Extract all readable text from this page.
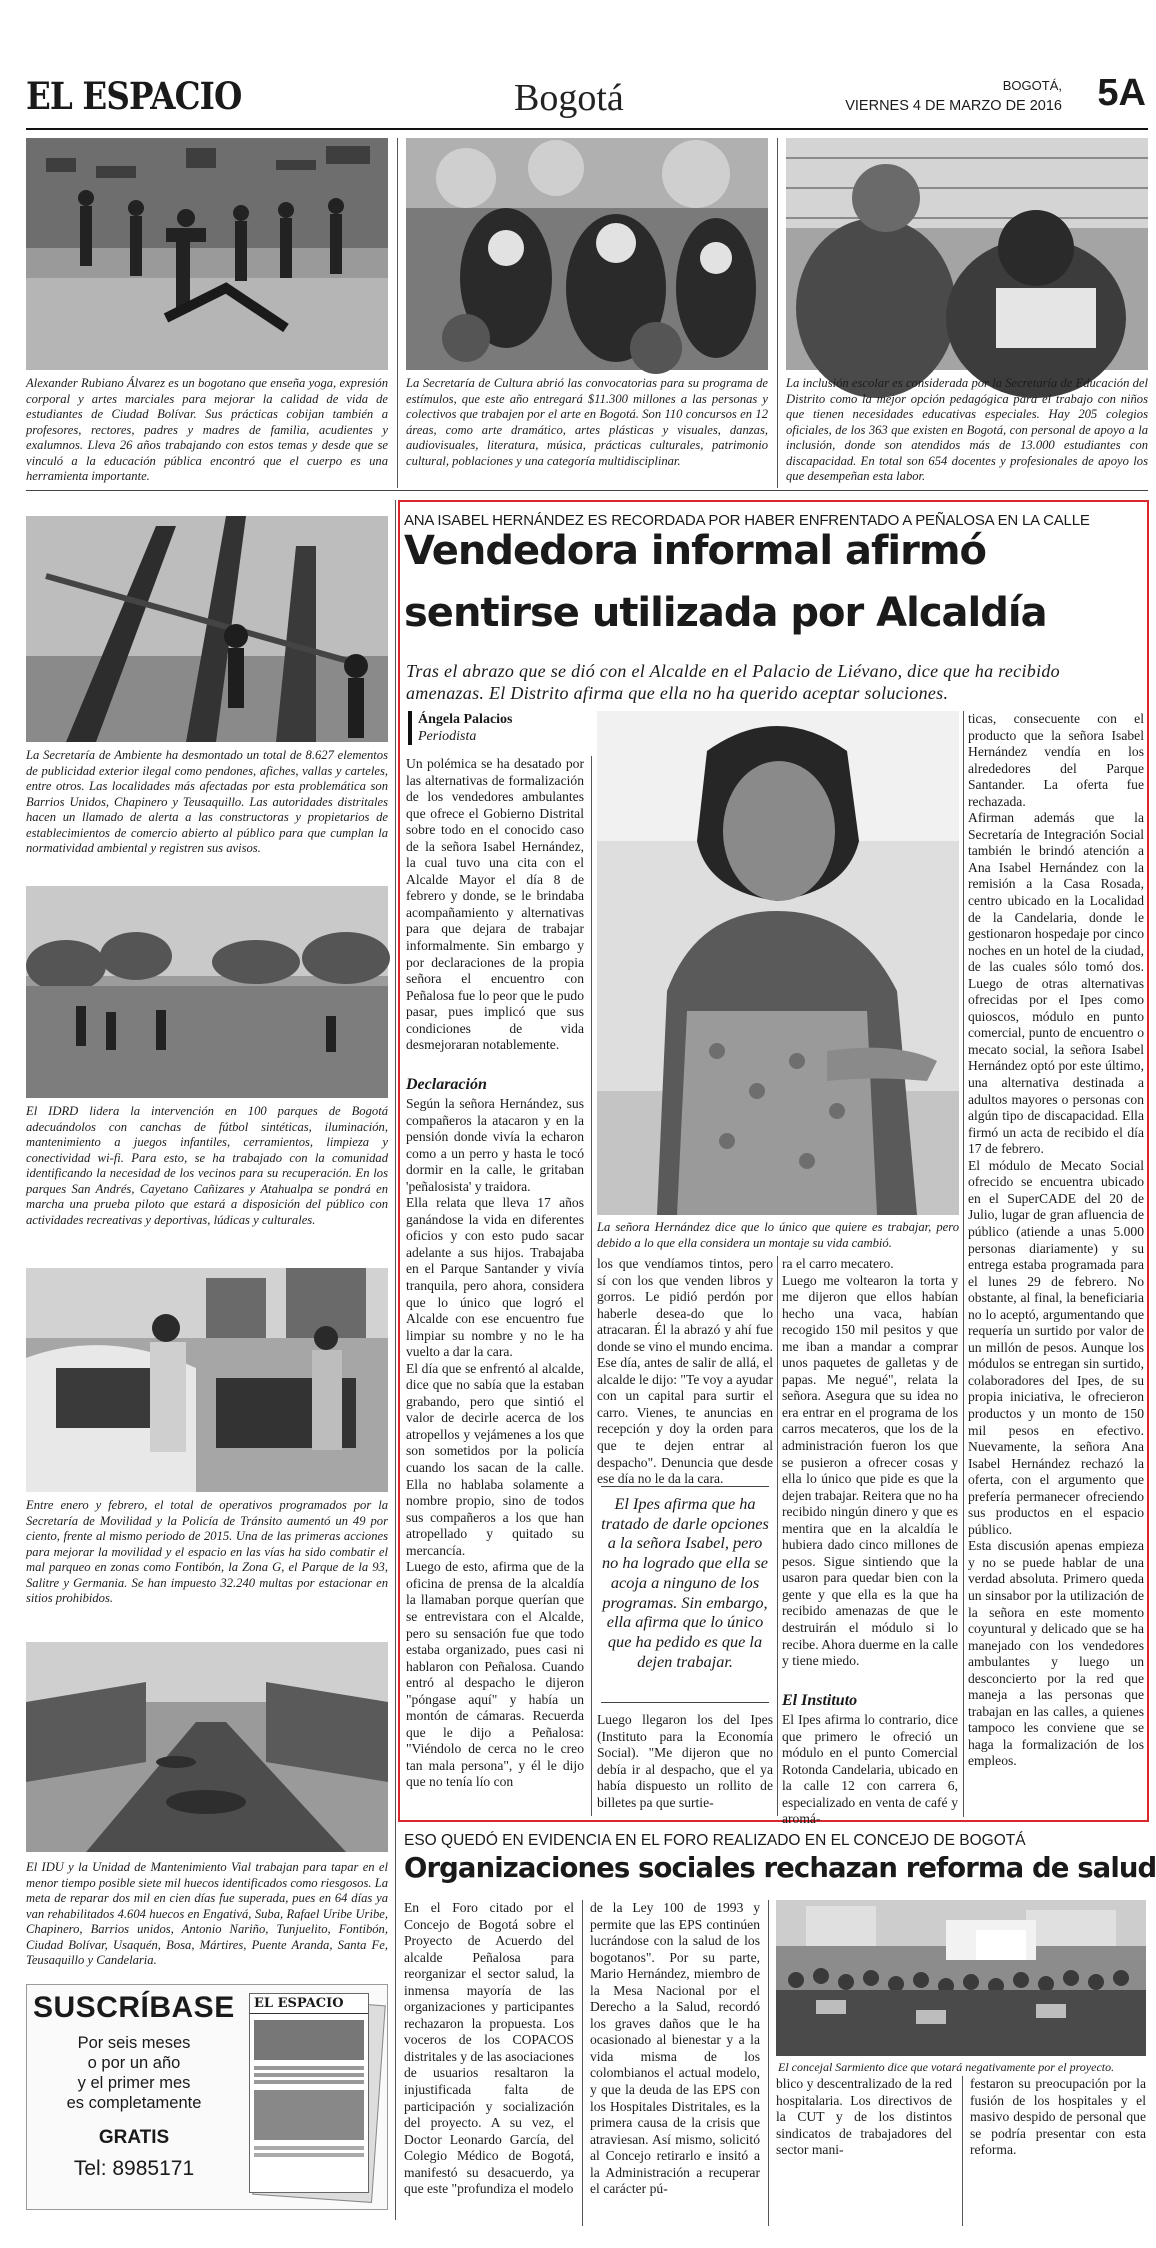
EL ESPACIO	Bogotá	BOGOTÁ,
VIERNES 4 DE MARZO DE 2016 5A
Alexander Rubiano Álvarez es un bogotano que enseña yoga, expresión corporal y artes marciales para mejorar la calidad de vida de estudiantes de Ciudad Bolívar. Sus prácticas cobijan también a profesores, rectores, padres y madres de familia, acudientes y exalumnos. Lleva 26 años trabajando con estos temas y desde que se vinculó a la educación pública encontró que el cuerpo es una herramienta importante.
La Secretaría de Cultura abrió las convocatorias para su programa de estímulos, que este año entregará $11.300 millones a las personas y colectivos que trabajen por el arte en Bogotá. Son 110 concursos en 12 áreas, como arte dramático, artes plásticas y visuales, danzas, audiovisuales, literatura, música, prácticas culturales, patrimonio cultural, poblaciones y una categoría multidisciplinar.
La inclusión escolar es considerada por la Secretaría de Educación del Distrito como la mejor opción pedagógica para el trabajo con niños que tienen necesidades educativas especiales. Hay 205 colegios oficiales, de los 363 que existen en Bogotá, con personal de apoyo a la inclusión, donde son atendidos más de 13.000 estudiantes con discapacidad. En total son 654 docentes y profesionales de apoyo los que desempeñan esta labor.
La Secretaría de Ambiente ha desmontado un total de 8.627 elementos de publicidad exterior ilegal como pendones, afiches, vallas y carteles, entre otros. Las localidades más afectadas por esta problemática son Barrios Unidos, Chapinero y Teusaquillo. Las autoridades distritales hacen un llamado de alerta a las constructoras y propietarios de establecimientos de comercio abierto al público para que cumplan la normatividad ambiental y registren sus avisos.
El IDRD lidera la intervención en 100 parques de Bogotá adecuándolos con canchas de fútbol sintéticas, iluminación, mantenimiento a juegos infantiles, cerramientos, limpieza y conectividad wi-fi. Para esto, se ha trabajado con la comunidad identificando la necesidad de los vecinos para su recuperación. En los parques San Andrés, Cayetano Cañizares y Atahualpa se pondrá en marcha una prueba piloto que estará a disposición del público con actividades recreativas y deportivas, lúdicas y culturales.
Entre enero y febrero, el total de operativos programados por la Secretaría de Movilidad y la Policía de Tránsito aumentó un 49 por ciento, frente al mismo periodo de 2015. Una de las primeras acciones para mejorar la movilidad y el espacio en las vías ha sido combatir el mal parqueo en zonas como Fontibón, la Zona G, el Parque de la 93, Salitre y Germania. Se han impuesto 32.240 multas por estacionar en sitios prohibidos.
El IDU y la Unidad de Mantenimiento Vial trabajan para tapar en el menor tiempo posible siete mil huecos identificados como riesgosos. La meta de reparar dos mil en cien días fue superada, pues en 64 días ya van rehabilitados 4.604 huecos en Engativá, Suba, Rafael Uribe Uribe, Chapinero, Barrios unidos, Antonio Nariño, Tunjuelito, Fontibón, Ciudad Bolívar, Usaquén, Bosa, Mártires, Puente Aranda, Santa Fe, Teusaquillo y Candelaria.
SUSCRÍBASE
Por seis meses
o por un año
y el primer mes
es completamente
GRATIS
Tel: 8985171
EL ESPACIO
ANA ISABEL HERNÁNDEZ ES RECORDADA POR HABER ENFRENTADO A PEÑALOSA EN LA CALLE
Vendedora informal afirmó
sentirse utilizada por Alcaldía
Tras el abrazo que se dió con el Alcalde en el Palacio de Liévano, dice que ha recibido amenazas. El Distrito afirma que ella no ha querido aceptar soluciones.
Ángela Palacios
Periodista
Un polémica se ha desatado por las alternativas de formalización de los vendedores ambulantes que ofrece el Gobierno Distrital sobre todo en el conocido caso de la señora Isabel Hernández, la cual tuvo una cita con el Alcalde Mayor el día 8 de febrero y donde, se le brindaba acompañamiento y alternativas para que dejara de trabajar informalmente. Sin embargo y por declaraciones de la propia señora el encuentro con Peñalosa fue lo peor que le pudo pasar, pues implicó que sus condiciones de vida desmejoraran notablemente.
Declaración
Según la señora Hernández, sus compañeros la atacaron y en la pensión donde vivía la echaron como a un perro y hasta le tocó dormir en la calle, le gritaban 'peñalosista' y traidora.
Ella relata que lleva 17 años ganándose la vida en diferentes oficios y con esto pudo sacar adelante a sus hijos. Trabajaba en el Parque Santander y vivía tranquila, pero ahora, considera que lo único que logró el Alcalde con ese encuentro fue limpiar su nombre y no le ha vuelto a dar la cara.
El día que se enfrentó al alcalde, dice que no sabía que la estaban grabando, pero que sintió el valor de decirle acerca de los atropellos y vejámenes a los que son sometidos por la policía cuando los sacan de la calle. Ella no hablaba solamente a nombre propio, sino de todos sus compañeros a los que han atropellado y quitado su mercancía.
Luego de esto, afirma que de la oficina de prensa de la alcaldía la llamaban porque querían que se entrevistara con el Alcalde, pero su sensación fue que todo estaba organizado, pues casi ni hablaron con Peñalosa. Cuando entró al despacho le dijeron "póngase aquí" y había un montón de cámaras. Recuerda que le dijo a Peñalosa: "Viéndolo de cerca no le creo tan mala persona", y él le dijo que no tenía lío con
La señora Hernández dice que lo único que quiere es trabajar, pero debido a lo que ella considera un montaje su vida cambió.
los que vendíamos tintos, pero sí con los que venden libros y gorros. Le pidió perdón por haberle desea-do que lo atracaran. Él la abrazó y ahí fue donde se vino el mundo encima. Ese día, antes de salir de allá, el alcalde le dijo: "Te voy a ayudar con un capital para surtir el carro. Vienes, te anuncias en recepción y doy la orden para que te dejen entrar al despacho". Denuncia que desde ese día no le da la cara.
El Ipes afirma que ha tratado de darle opciones a la señora Isabel, pero no ha logrado que ella se acoja a ninguno de los programas. Sin embargo, ella afirma que lo único que ha pedido es que la dejen trabajar.
Luego llegaron los del Ipes (Instituto para la Economía Social). "Me dijeron que no debía ir al despacho, que el ya había dispuesto un rollito de billetes pa que surtie-
ra el carro mecatero.
Luego me voltearon la torta y me dijeron que ellos habían hecho una vaca, habían recogido 150 mil pesitos y que me iban a mandar a comprar unos paquetes de galletas y de papas. Me negué", relata la señora. Asegura que su idea no era entrar en el programa de los carros mecateros, que los de la administración fueron los que se pusieron a ofrecer cosas y ella lo único que pide es que la dejen trabajar. Reitera que no ha recibido ningún dinero y que es mentira que en la alcaldía le hubiera dado cinco millones de pesos. Sigue sintiendo que la usaron para quedar bien con la gente y que ella es la que ha recibido amenazas de que le destruirán el módulo si lo recibe. Ahora duerme en la calle y tiene miedo.
El Instituto
El Ipes afirma lo contrario, dice que primero le ofreció un módulo en el punto Comercial Rotonda Candelaria, ubicado en la calle 12 con carrera 6, especializado en venta de café y aromá-
ticas, consecuente con el producto que la señora Isabel Hernández vendía en los alrededores del Parque Santander. La oferta fue rechazada.
Afirman además que la Secretaría de Integración Social también le brindó atención a Ana Isabel Hernández con la remisión a la Casa Rosada, centro ubicado en la Localidad de la Candelaria, donde le gestionaron hospedaje por cinco noches en un hotel de la ciudad, de las cuales sólo tomó dos. Luego de otras alternativas ofrecidas por el Ipes como quioscos, módulo en punto comercial, punto de encuentro o mecato social, la señora Isabel Hernández optó por este último, una alternativa destinada a adultos mayores o personas con algún tipo de discapacidad. Ella firmó un acta de recibido el día 17 de febrero.
El módulo de Mecato Social ofrecido se encuentra ubicado en el SuperCADE del 20 de Julio, lugar de gran afluencia de público (atiende a unas 5.000 personas diariamente) y su entrega estaba programada para el lunes 29 de febrero. No obstante, al final, la beneficiaria no lo aceptó, argumentando que requería un surtido por valor de un millón de pesos. Aunque los módulos se entregan sin surtido, colaboradores del Ipes, de su propia iniciativa, le ofrecieron productos y un monto de 150 mil pesos en efectivo. Nuevamente, la señora Ana Isabel Hernández rechazó la oferta, con el argumento que prefería permanecer ofreciendo sus productos en el espacio público.
Esta discusión apenas empieza y no se puede hablar de una verdad absoluta. Primero queda un sinsabor por la utilización de la señora en este momento coyuntural y delicado que se ha manejado con los vendedores ambulantes y luego un desconcierto por la red que maneja a las personas que trabajan en las calles, a quienes tampoco les conviene que se haga la formalización de los empleos.
ESO QUEDÓ EN EVIDENCIA EN EL FORO REALIZADO EN EL CONCEJO DE BOGOTÁ
Organizaciones sociales rechazan reforma de salud
En el Foro citado por el Concejo de Bogotá sobre el Proyecto de Acuerdo del alcalde Peñalosa para reorganizar el sector salud, la inmensa mayoría de las organizaciones y participantes rechazaron la propuesta. Los voceros de los COPACOS distritales y de las asociaciones de usuarios resaltaron la injustificada falta de participación y socialización del proyecto. A su vez, el Doctor Leonardo García, del Colegio Médico de Bogotá, manifestó su desacuerdo, ya que este "profundiza el modelo
de la Ley 100 de 1993 y permite que las EPS continúen lucrándose con la salud de los bogotanos". Por su parte, Mario Hernández, miembro de la Mesa Nacional por el Derecho a la Salud, recordó los graves daños que le ha ocasionado al bienestar y a la vida misma de los colombianos el actual modelo, y que la deuda de las EPS con los Hospitales Distritales, es la primera causa de la crisis que atraviesan. Así mismo, solicitó al Concejo retirarlo e insitó a la Administración a recuperar el carácter pú-
El concejal Sarmiento dice que votará negativamente por el proyecto.
blico y descentralizado de la red hospitalaria. Los directivos de la CUT y de los distintos sindicatos de trabajadores del sector mani-
festaron su preocupación por la fusión de los hospitales y el masivo despido de personal que se podría presentar con esta reforma.
